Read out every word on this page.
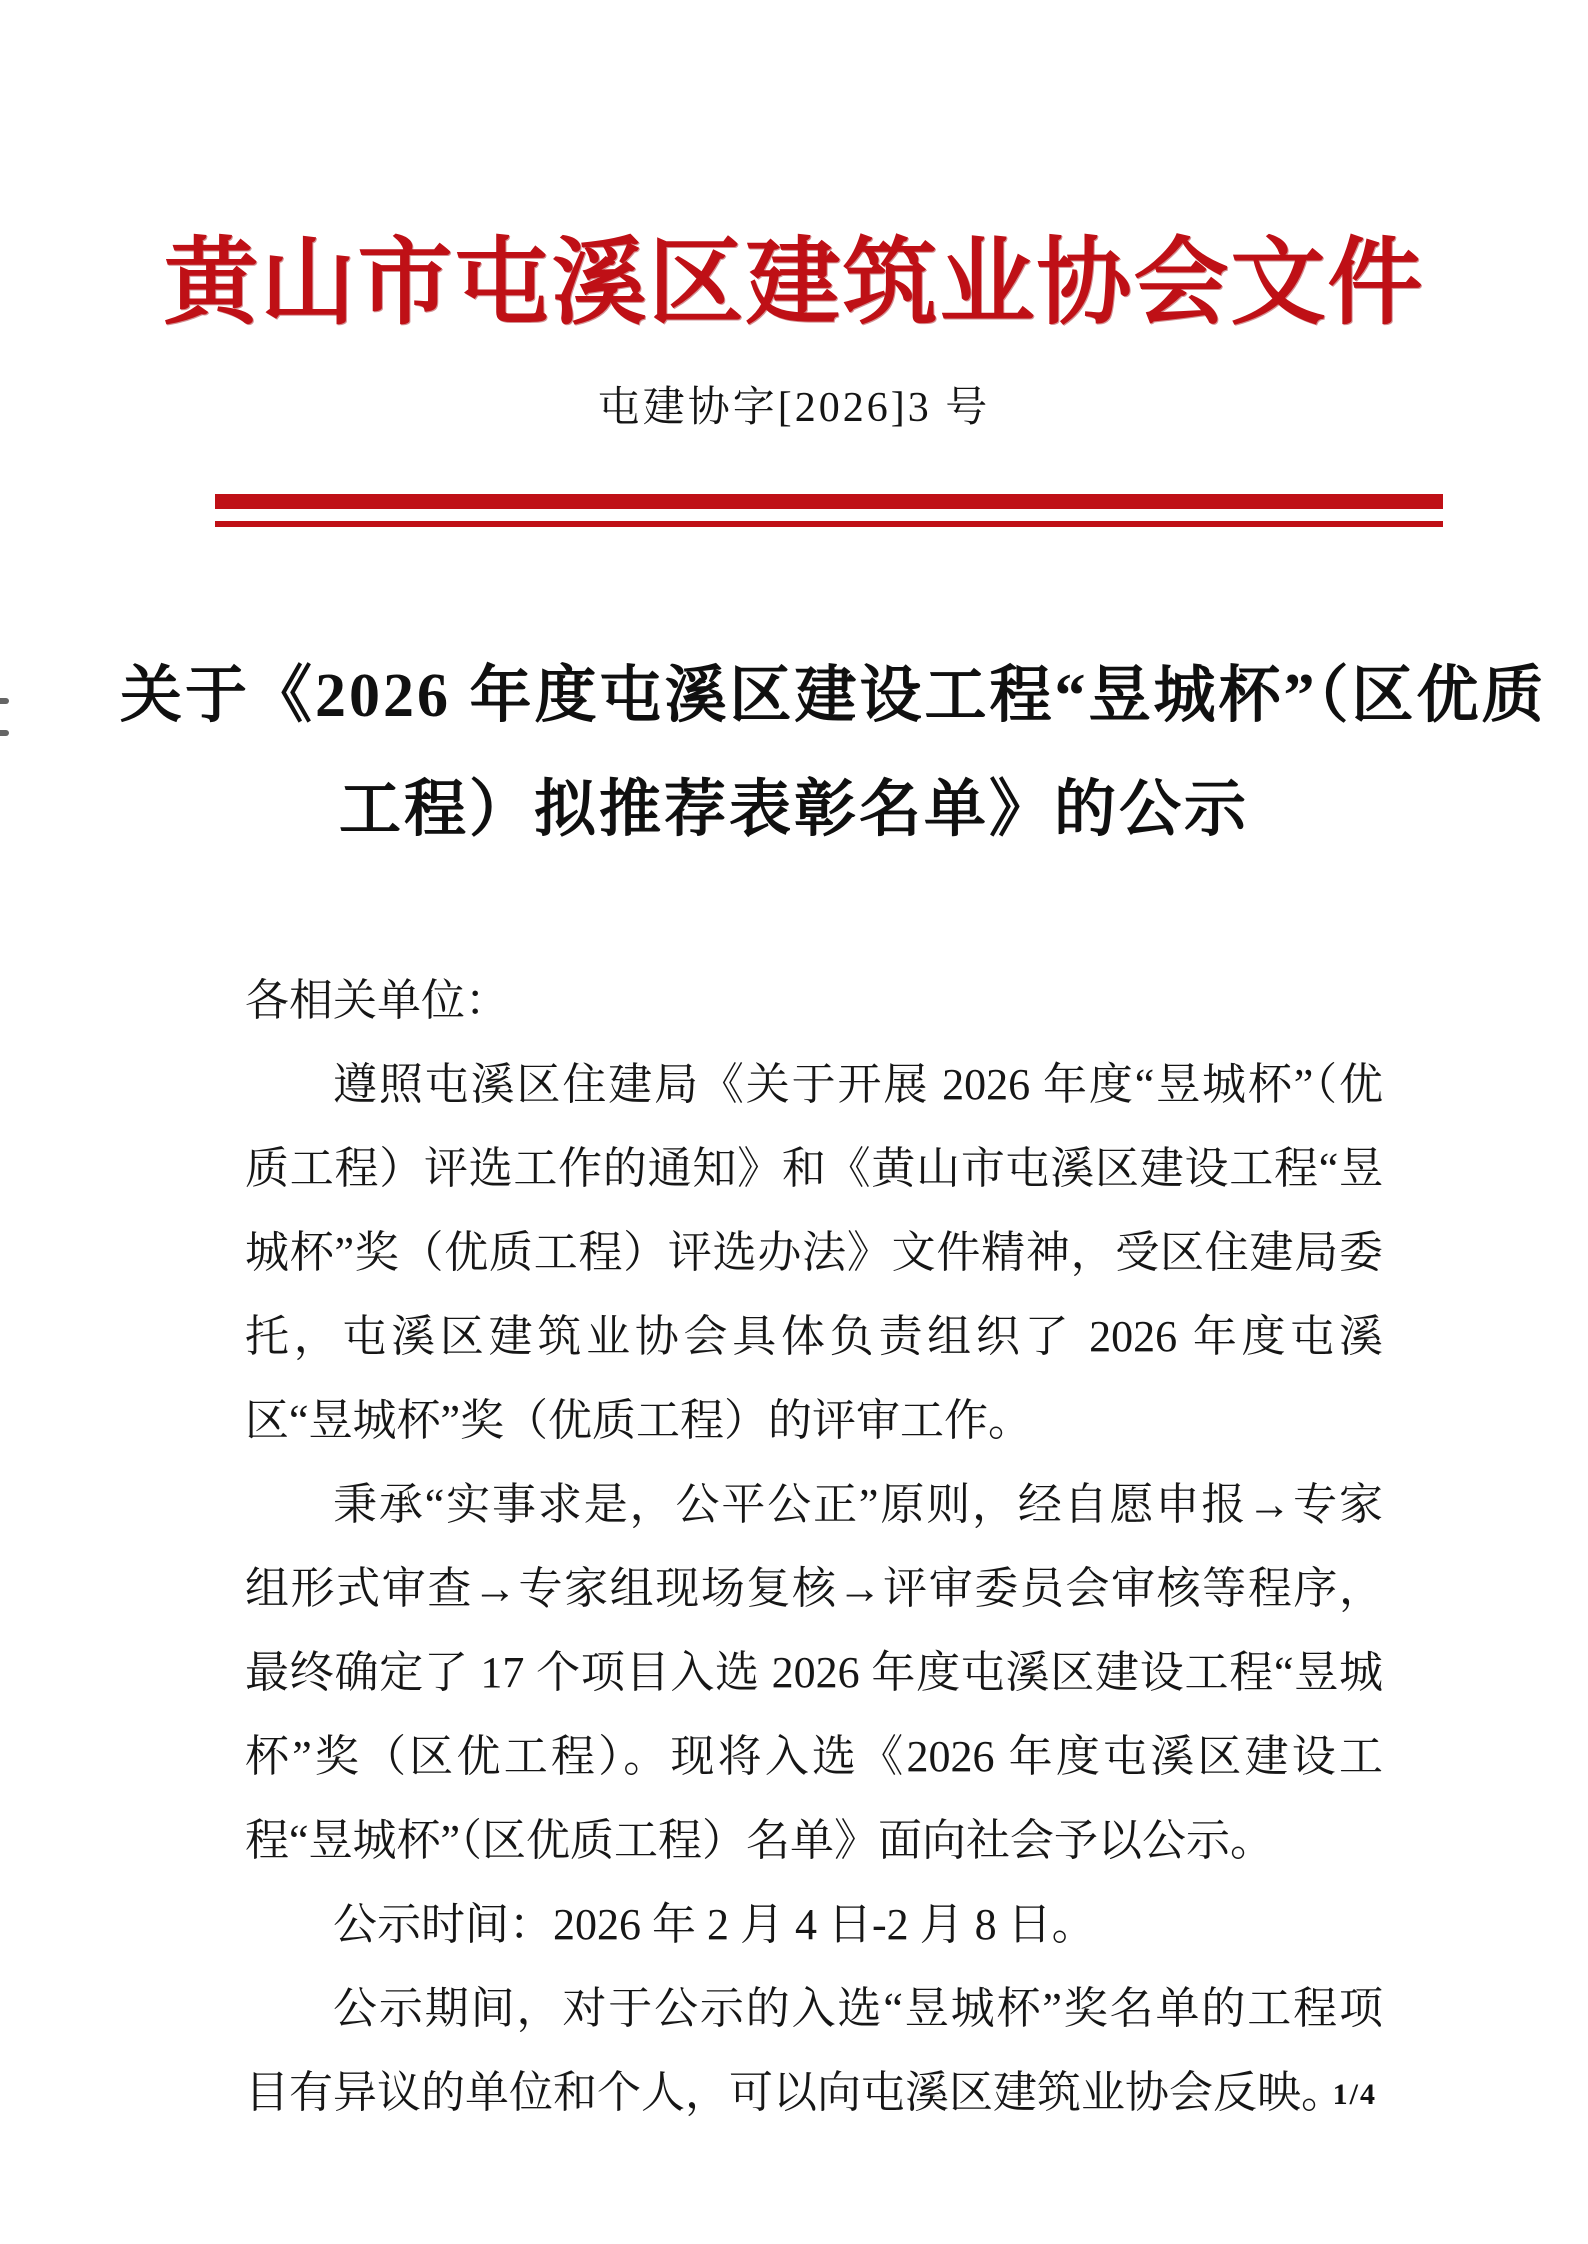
黄山市屯溪区建筑业协会文件
屯建协字[2026]3 号
关于《2026 年度屯溪区建设工程“昱城杯”（区优质
工程）拟推荐表彰名单》的公示

各相关单位：

遵照屯溪区住建局《关于开展 2026 年度“昱城杯”（优质工程）评选工作的通知》和《黄山市屯溪区建设工程“昱城杯”奖（优质工程）评选办法》文件精神，受区住建局委托，屯溪区建筑业协会具体负责组织了 2026 年度屯溪区“昱城杯”奖（优质工程）的评审工作。

秉承“实事求是，公平公正”原则，经自愿申报→专家组形式审查→专家组现场复核→评审委员会审核等程序，最终确定了 17 个项目入选 2026 年度屯溪区建设工程“昱城杯”奖（区优工程）。现将入选《2026 年度屯溪区建设工程“昱城杯”（区优质工程）名单》面向社会予以公示。

公示时间：2026 年 2 月 4 日-2 月 8 日。

公示期间，对于公示的入选“昱城杯”奖名单的工程项目有异议的单位和个人，可以向屯溪区建筑业协会反映。

1/4
